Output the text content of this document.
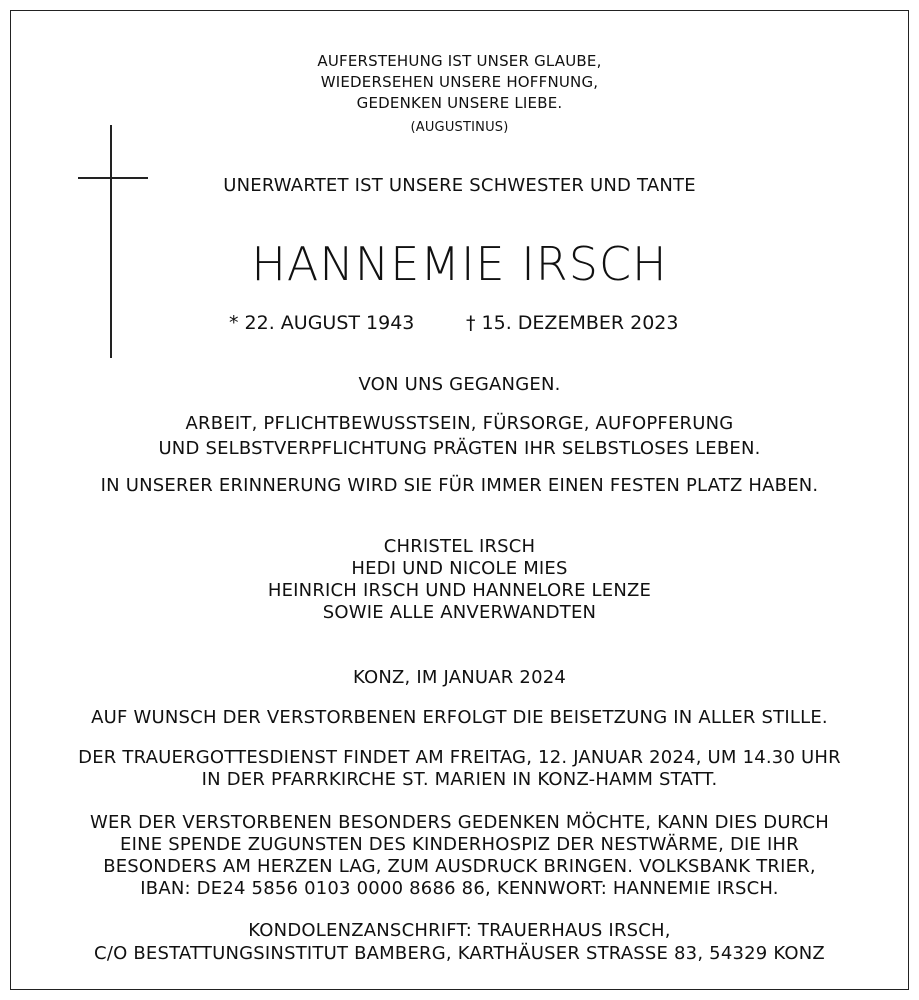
AUFERSTEHUNG IST UNSER GLAUBE,
WIEDERSEHEN UNSERE HOFFNUNG,
GEDENKEN UNSERE LIEBE.
(AUGUSTINUS)
UNERWARTET IST UNSERE SCHWESTER UND TANTE
HANNEMIE IRSCH
* 22. AUGUST 1943	† 15. DEZEMBER 2023
VON UNS GEGANGEN.
ARBEIT, PFLICHTBEWUSSTSEIN, FÜRSORGE, AUFOPFERUNG
UND SELBSTVERPFLICHTUNG PRÄGTEN IHR SELBSTLOSES LEBEN.
IN UNSERER ERINNERUNG WIRD SIE FÜR IMMER EINEN FESTEN PLATZ HABEN.
CHRISTEL IRSCH
HEDI UND NICOLE MIES
HEINRICH IRSCH UND HANNELORE LENZE
SOWIE ALLE ANVERWANDTEN
KONZ, IM JANUAR 2024
AUF WUNSCH DER VERSTORBENEN ERFOLGT DIE BEISETZUNG IN ALLER STILLE.
DER TRAUERGOTTESDIENST FINDET AM FREITAG, 12. JANUAR 2024, UM 14.30 UHR
IN DER PFARRKIRCHE ST. MARIEN IN KONZ-HAMM STATT.
WER DER VERSTORBENEN BESONDERS GEDENKEN MÖCHTE, KANN DIES DURCH
EINE SPENDE ZUGUNSTEN DES KINDERHOSPIZ DER NESTWÄRME, DIE IHR
BESONDERS AM HERZEN LAG, ZUM AUSDRUCK BRINGEN. VOLKSBANK TRIER,
IBAN: DE24 5856 0103 0000 8686 86, KENNWORT: HANNEMIE IRSCH.
KONDOLENZANSCHRIFT: TRAUERHAUS IRSCH,
C/O BESTATTUNGSINSTITUT BAMBERG, KARTHÄUSER STRASSE 83, 54329 KONZ
